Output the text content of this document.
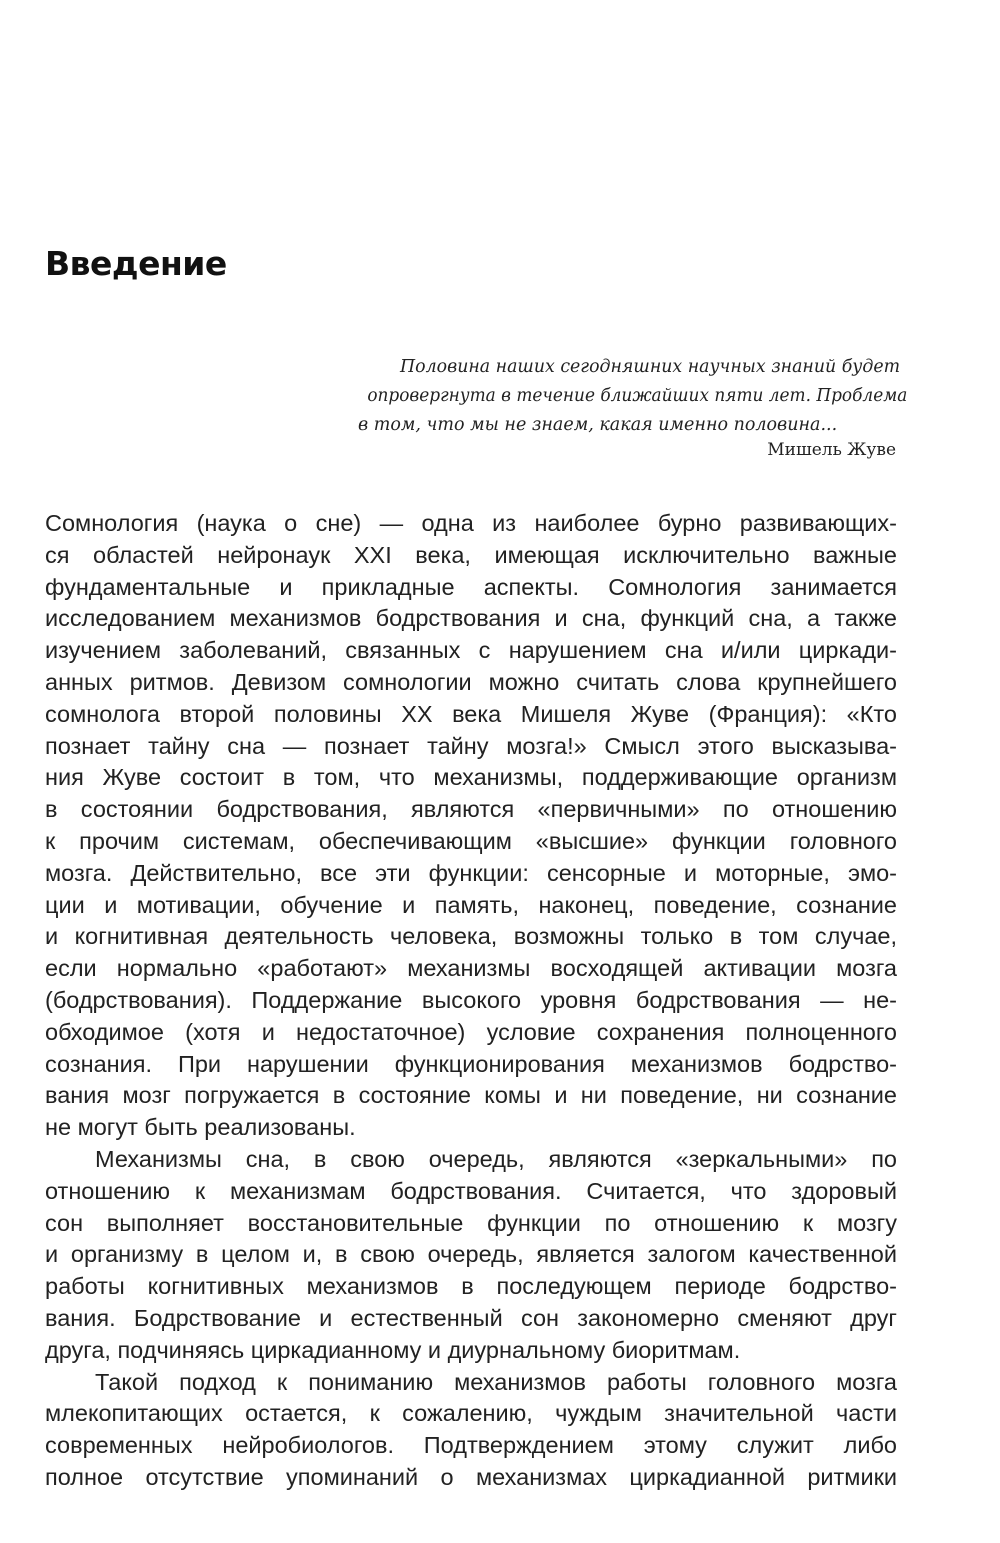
Введение
Половина наших сегодняшних научных знаний будет
опровергнута в течение ближайших пяти лет. Проблема
в том, что мы не знаем, какая именно половина...
Мишель Жуве
Сомнология (наука о сне) — одна из наиболее бурно развивающих-
ся областей нейронаук XXI века, имеющая исключительно важные
фундаментальные и прикладные аспекты. Сомнология занимается
исследованием механизмов бодрствования и сна, функций сна, а также
изучением заболеваний, связанных с нарушением сна и/или циркади-
анных ритмов. Девизом сомнологии можно считать слова крупнейшего
сомнолога второй половины XX века Мишеля Жуве (Франция): «Кто
познает тайну сна — познает тайну мозга!» Смысл этого высказыва-
ния Жуве состоит в том, что механизмы, поддерживающие организм
в состоянии бодрствования, являются «первичными» по отношению
к прочим системам, обеспечивающим «высшие» функции головного
мозга. Действительно, все эти функции: сенсорные и моторные, эмо-
ции и мотивации, обучение и память, наконец, поведение, сознание
и когнитивная деятельность человека, возможны только в том случае,
если нормально «работают» механизмы восходящей активации мозга
(бодрствования). Поддержание высокого уровня бодрствования — не-
обходимое (хотя и недостаточное) условие сохранения полноценного
сознания. При нарушении функционирования механизмов бодрство-
вания мозг погружается в состояние комы и ни поведение, ни сознание
не могут быть реализованы.
Механизмы сна, в свою очередь, являются «зеркальными» по
отношению к механизмам бодрствования. Считается, что здоровый
сон выполняет восстановительные функции по отношению к мозгу
и организму в целом и, в свою очередь, является залогом качественной
работы когнитивных механизмов в последующем периоде бодрство-
вания. Бодрствование и естественный сон закономерно сменяют друг
друга, подчиняясь циркадианному и диурнальному биоритмам.
Такой подход к пониманию механизмов работы головного мозга
млекопитающих остается, к сожалению, чуждым значительной части
современных нейробиологов. Подтверждением этому служит либо
полное отсутствие упоминаний о механизмах циркадианной ритмики
